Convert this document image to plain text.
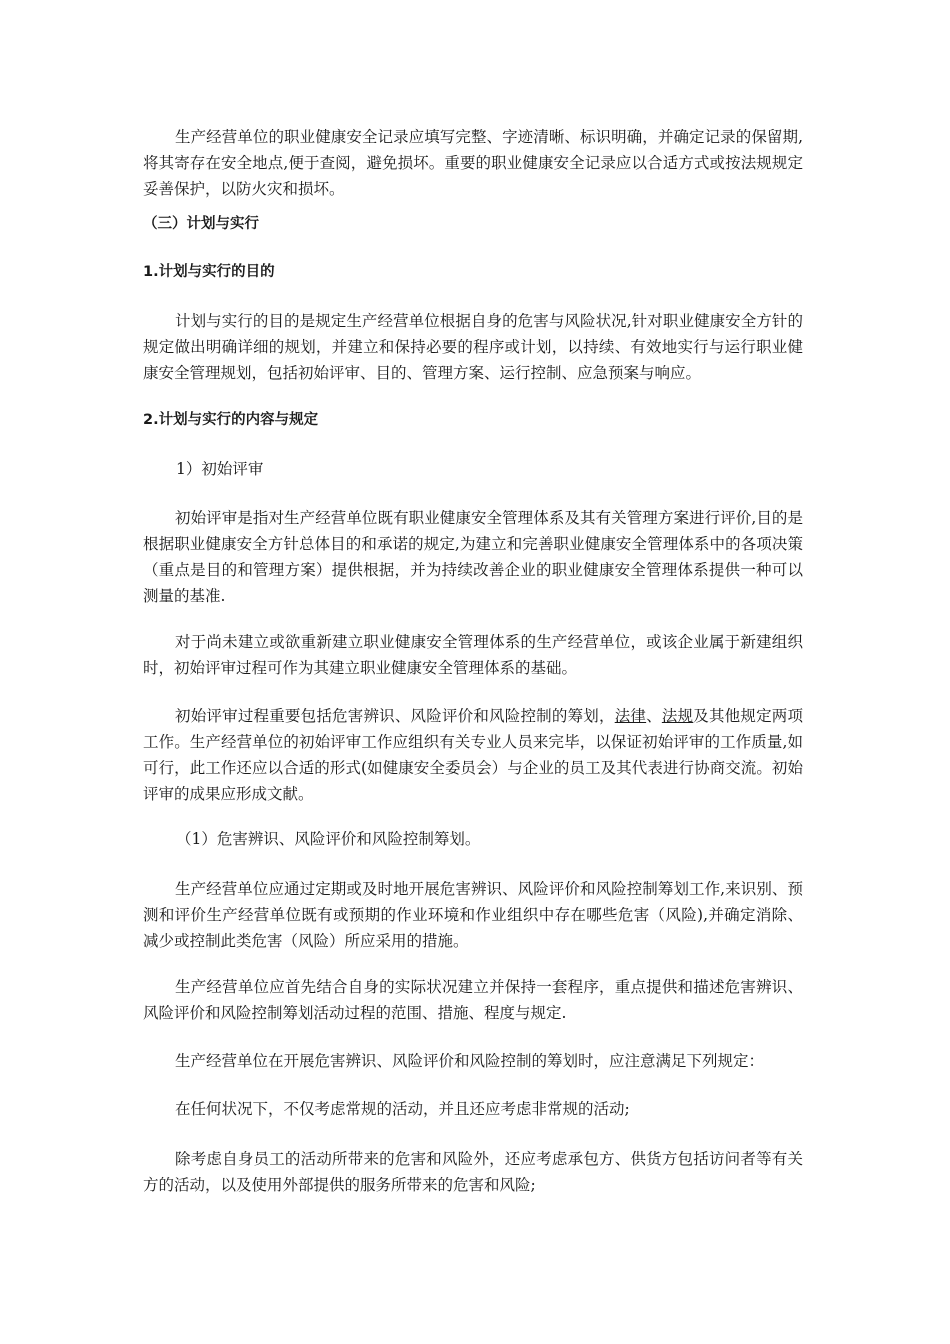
生产经营单位的职业健康安全记录应填写完整、字迹清晰、标识明确，并确定记录的保留期,将其寄存在安全地点,便于查阅，避免损坏。重要的职业健康安全记录应以合适方式或按法规规定妥善保护，以防火灾和损坏。

（三）计划与实行

1.计划与实行的目的

计划与实行的目的是规定生产经营单位根据自身的危害与风险状况,针对职业健康安全方针的规定做出明确详细的规划，并建立和保持必要的程序或计划，以持续、有效地实行与运行职业健康安全管理规划，包括初始评审、目的、管理方案、运行控制、应急预案与响应。

2.计划与实行的内容与规定

1）初始评审

初始评审是指对生产经营单位既有职业健康安全管理体系及其有关管理方案进行评价,目的是根据职业健康安全方针总体目的和承诺的规定,为建立和完善职业健康安全管理体系中的各项决策（重点是目的和管理方案）提供根据，并为持续改善企业的职业健康安全管理体系提供一种可以测量的基准.

对于尚未建立或欲重新建立职业健康安全管理体系的生产经营单位，或该企业属于新建组织时，初始评审过程可作为其建立职业健康安全管理体系的基础。

初始评审过程重要包括危害辨识、风险评价和风险控制的筹划，法律、法规及其他规定两项工作。生产经营单位的初始评审工作应组织有关专业人员来完毕，以保证初始评审的工作质量,如可行，此工作还应以合适的形式(如健康安全委员会）与企业的员工及其代表进行协商交流。初始评审的成果应形成文献。

（1）危害辨识、风险评价和风险控制筹划。

生产经营单位应通过定期或及时地开展危害辨识、风险评价和风险控制筹划工作,来识别、预测和评价生产经营单位既有或预期的作业环境和作业组织中存在哪些危害（风险),并确定消除、减少或控制此类危害（风险）所应采用的措施。

生产经营单位应首先结合自身的实际状况建立并保持一套程序，重点提供和描述危害辨识、风险评价和风险控制筹划活动过程的范围、措施、程度与规定.

生产经营单位在开展危害辨识、风险评价和风险控制的筹划时，应注意满足下列规定：

在任何状况下，不仅考虑常规的活动，并且还应考虑非常规的活动;

除考虑自身员工的活动所带来的危害和风险外，还应考虑承包方、供货方包括访问者等有关方的活动，以及使用外部提供的服务所带来的危害和风险;
